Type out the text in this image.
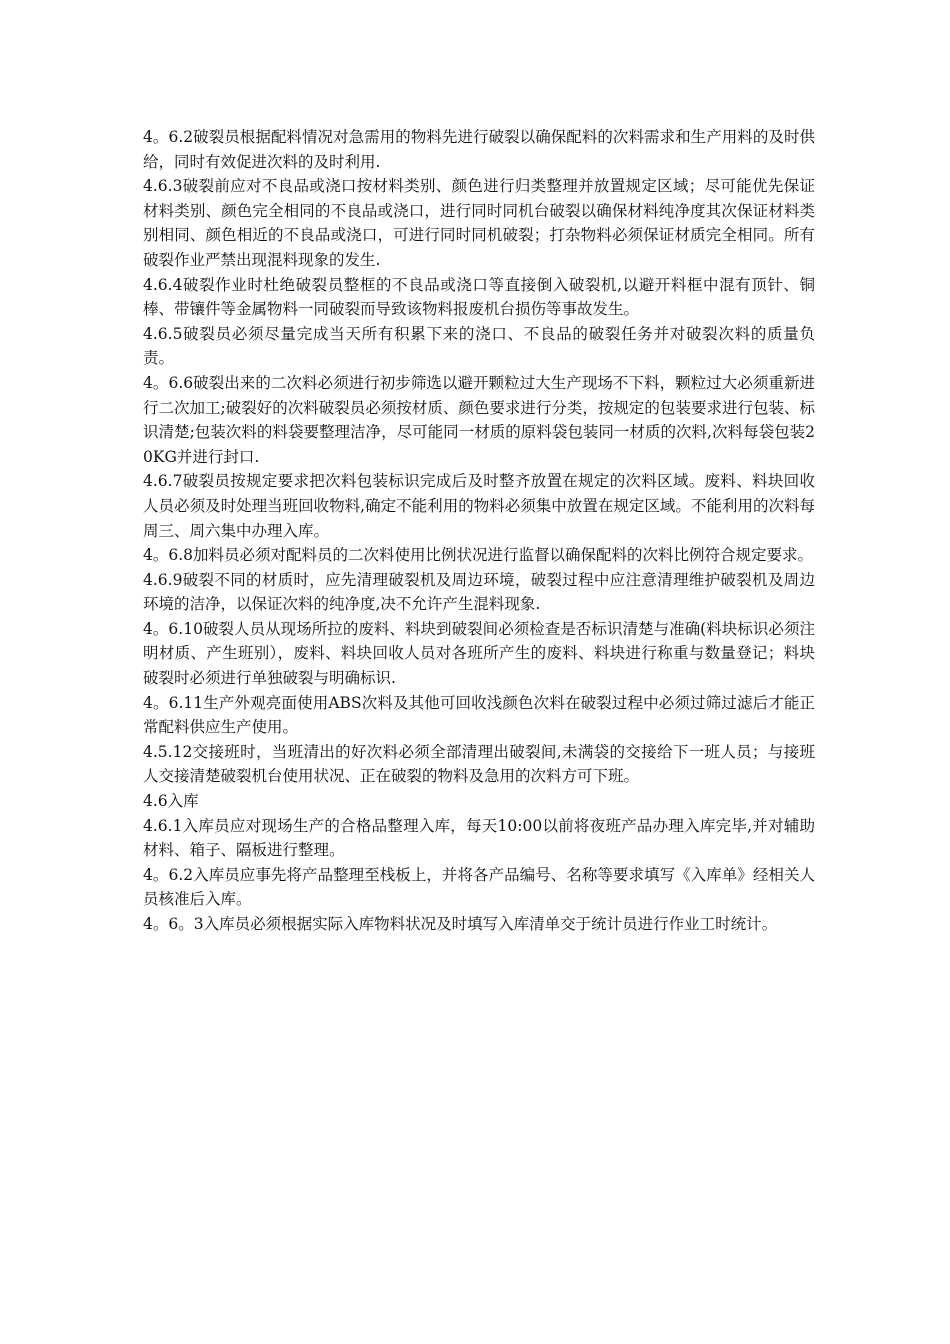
4。6.2破裂员根据配料情况对急需用的物料先进行破裂以确保配料的次料需求和生产用料的及时供给，同时有效促进次料的及时利用.

4.6.3破裂前应对不良品或浇口按材料类别、颜色进行归类整理并放置规定区域；尽可能优先保证材料类别、颜色完全相同的不良品或浇口，进行同时同机台破裂以确保材料纯净度其次保证材料类别相同、颜色相近的不良品或浇口，可进行同时同机破裂；打杂物料必须保证材质完全相同。所有破裂作业严禁出现混料现象的发生.

4.6.4破裂作业时杜绝破裂员整框的不良品或浇口等直接倒入破裂机,以避开料框中混有顶针、铜棒、带镶件等金属物料一同破裂而导致该物料报废机台损伤等事故发生。

4.6.5破裂员必须尽量完成当天所有积累下来的浇口、不良品的破裂任务并对破裂次料的质量负责。

4。6.6破裂出来的二次料必须进行初步筛选以避开颗粒过大生产现场不下料，颗粒过大必须重新进行二次加工;破裂好的次料破裂员必须按材质、颜色要求进行分类，按规定的包装要求进行包装、标识清楚;包装次料的料袋要整理洁净，尽可能同一材质的原料袋包装同一材质的次料,次料每袋包装20KG并进行封口.

4.6.7破裂员按规定要求把次料包装标识完成后及时整齐放置在规定的次料区域。废料、料块回收人员必须及时处理当班回收物料,确定不能利用的物料必须集中放置在规定区域。不能利用的次料每周三、周六集中办理入库。

4。6.8加料员必须对配料员的二次料使用比例状况进行监督以确保配料的次料比例符合规定要求。

4.6.9破裂不同的材质时，应先清理破裂机及周边环境，破裂过程中应注意清理维护破裂机及周边环境的洁净，以保证次料的纯净度,决不允许产生混料现象.

4。6.10破裂人员从现场所拉的废料、料块到破裂间必须检查是否标识清楚与准确(料块标识必须注明材质、产生班别），废料、料块回收人员对各班所产生的废料、料块进行称重与数量登记；料块破裂时必须进行单独破裂与明确标识.

4。6.11生产外观亮面使用ABS次料及其他可回收浅颜色次料在破裂过程中必须过筛过滤后才能正常配料供应生产使用。

4.5.12交接班时，当班清出的好次料必须全部清理出破裂间,未满袋的交接给下一班人员；与接班人交接清楚破裂机台使用状况、正在破裂的物料及急用的次料方可下班。

4.6入库

4.6.1入库员应对现场生产的合格品整理入库，每天10:00以前将夜班产品办理入库完毕,并对辅助材料、箱子、隔板进行整理。

4。6.2入库员应事先将产品整理至栈板上，并将各产品编号、名称等要求填写《入库单》经相关人员核准后入库。

4。6。3入库员必须根据实际入库物料状况及时填写入库清单交于统计员进行作业工时统计。
